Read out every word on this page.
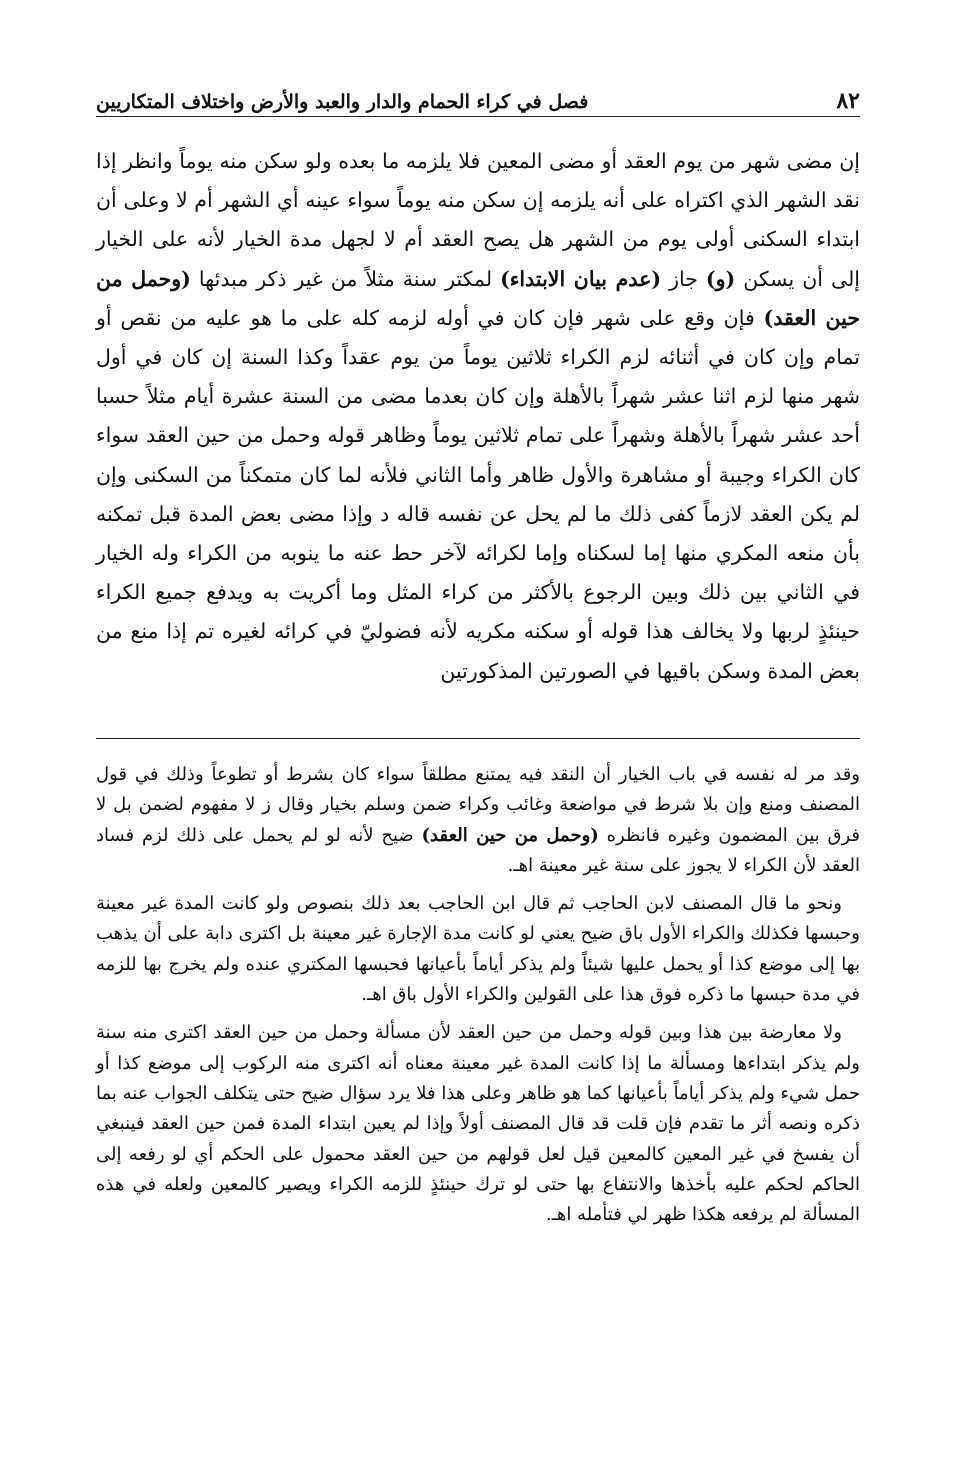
٨٢
فصل في كراء الحمام والدار والعبد والأرض واختلاف المتكاريين

إن مضى شهر من يوم العقد أو مضى المعين فلا يلزمه ما بعده ولو سكن منه يوماً وانظر إذا نقد الشهر الذي اكتراه على أنه يلزمه إن سكن منه يوماً سواء عينه أي الشهر أم لا وعلى أن ابتداء السكنى أولى يوم من الشهر هل يصح العقد أم لا لجهل مدة الخيار لأنه على الخيار إلى أن يسكن (و) جاز (عدم بيان الابتداء) لمكتر سنة مثلاً من غير ذكر مبدئها (وحمل من حين العقد) فإن وقع على شهر فإن كان في أوله لزمه كله على ما هو عليه من نقص أو تمام وإن كان في أثنائه لزم الكراء ثلاثين يوماً من يوم عقداً وكذا السنة إن كان في أول شهر منها لزم اثنا عشر شهراً بالأهلة وإن كان بعدما مضى من السنة عشرة أيام مثلاً حسبا أحد عشر شهراً بالأهلة وشهراً على تمام ثلاثين يوماً وظاهر قوله وحمل من حين العقد سواء كان الكراء وجيبة أو مشاهرة والأول ظاهر وأما الثاني فلأنه لما كان متمكناً من السكنى وإن لم يكن العقد لازماً كفى ذلك ما لم يحل عن نفسه قاله د وإذا مضى بعض المدة قبل تمكنه بأن منعه المكري منها إما لسكناه وإما لكرائه لآخر حط عنه ما ينوبه من الكراء وله الخيار في الثاني بين ذلك وبين الرجوع بالأكثر من كراء المثل وما أكريت به ويدفع جميع الكراء حينئذٍ لربها ولا يخالف هذا قوله أو سكنه مكريه لأنه فضوليّ في كرائه لغيره تم إذا منع من بعض المدة وسكن باقيها في الصورتين المذكورتين

وقد مر له نفسه في باب الخيار أن النقد فيه يمتنع مطلقاً سواء كان بشرط أو تطوعاً وذلك في قول المصنف ومنع وإن بلا شرط في مواضعة وغائب وكراء ضمن وسلم بخيار وقال ز لا مفهوم لضمن بل لا فرق بين المضمون وغيره فانظره (وحمل من حين العقد) ضيح لأنه لو لم يحمل على ذلك لزم فساد العقد لأن الكراء لا يجوز على سنة غير معينة اهـ.

ونحو ما قال المصنف لابن الحاجب ثم قال ابن الحاجب بعد ذلك بنصوص ولو كانت المدة غير معينة وحبسها فكذلك والكراء الأول باق ضيح يعني لو كانت مدة الإجارة غير معينة بل اكترى دابة على أن يذهب بها إلى موضع كذا أو يحمل عليها شيئاً ولم يذكر أياماً بأعيانها فحبسها المكتري عنده ولم يخرج بها للزمه في مدة حبسها ما ذكره فوق هذا على القولين والكراء الأول باق اهـ.

ولا معارضة بين هذا وبين قوله وحمل من حين العقد لأن مسألة وحمل من حين العقد اكترى منه سنة ولم يذكر ابتداءها ومسألة ما إذا كانت المدة غير معينة معناه أنه اكترى منه الركوب إلى موضع كذا أو حمل شيء ولم يذكر أياماً بأعيانها كما هو ظاهر وعلى هذا فلا يرد سؤال ضيح حتى يتكلف الجواب عنه بما ذكره ونصه أثر ما تقدم فإن قلت قد قال المصنف أولاً وإذا لم يعين ابتداء المدة فمن حين العقد فينبغي أن يفسخ في غير المعين كالمعين قيل لعل قولهم من حين العقد محمول على الحكم أي لو رفعه إلى الحاكم لحكم عليه بأخذها والانتفاع بها حتى لو ترك حينئذٍ للزمه الكراء ويصير كالمعين ولعله في هذه المسألة لم يرفعه هكذا ظهر لي فتأمله اهـ.
